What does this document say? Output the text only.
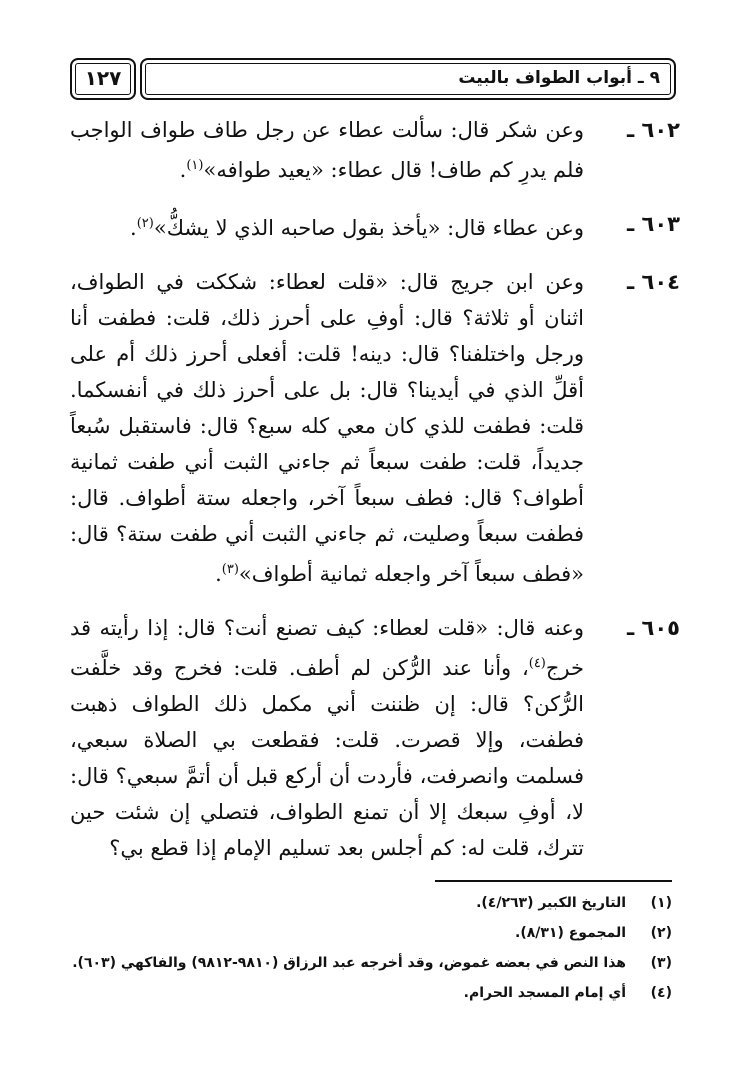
٩ ـ أبواب الطواف بالبيت
١٢٧
٦٠٢ ـ
وعن شكر قال: سألت عطاء عن رجل طاف طواف الواجب فلم يدرِ كم طاف! قال عطاء: «يعيد طوافه»$^{(١)}$.
٦٠٣ ـ
وعن عطاء قال: «يأخذ بقول صاحبه الذي لا يشكُّ»$^{(٢)}$.
٦٠٤ ـ
وعن ابن جريج قال: «قلت لعطاء: شككت في الطواف، اثنان أو ثلاثة؟ قال: أوفِ على أحرز ذلك، قلت: فطفت أنا ورجل واختلفنا؟ قال: دينه! قلت: أفعلى أحرز ذلك أم على أقلِّ الذي في أيدينا؟ قال: بل على أحرز ذلك في أنفسكما. قلت: فطفت للذي كان معي كله سبع؟ قال: فاستقبل سُبعاً جديداً، قلت: طفت سبعاً ثم جاءني الثبت أني طفت ثمانية أطواف؟ قال: فطف سبعاً آخر، واجعله ستة أطواف. قال: فطفت سبعاً وصليت، ثم جاءني الثبت أني طفت ستة؟ قال: «فطف سبعاً آخر واجعله ثمانية أطواف»$^{(٣)}$.
٦٠٥ ـ
وعنه قال: «قلت لعطاء: كيف تصنع أنت؟ قال: إذا رأيته قد خرج$^{(٤)}$، وأنا عند الرُّكن لم أطف. قلت: فخرج وقد خلَّفت الرُّكن؟ قال: إن ظننت أني مكمل ذلك الطواف ذهبت فطفت، وإلا قصرت. قلت: فقطعت بي الصلاة سبعي، فسلمت وانصرفت، فأردت أن أركع قبل أن أتمَّ سبعي؟ قال: لا، أوفِ سبعك إلا أن تمنع الطواف، فتصلي إن شئت حين تترك، قلت له: كم أجلس بعد تسليم الإمام إذا قطع بي؟
(١)
التاريخ الكبير (٤/٢٦٣).
(٢)
المجموع (٨/٣١).
(٣)
هذا النص في بعضه غموض، وقد أخرجه عبد الرزاق (٩٨١٠-٩٨١٢) والفاكهي (٦٠٣).
(٤)
أي إمام المسجد الحرام.
